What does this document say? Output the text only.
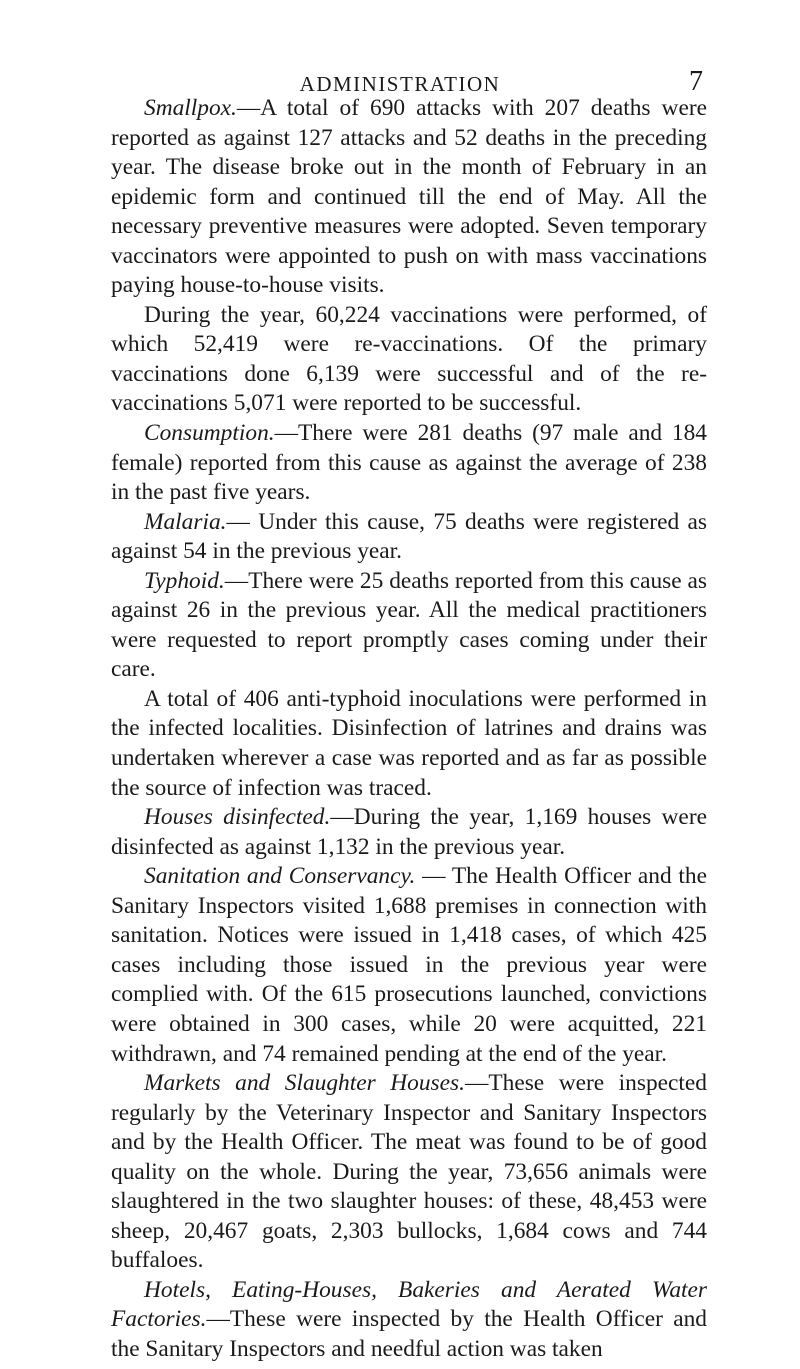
ADMINISTRATION	7

Smallpox.—A total of 690 attacks with 207 deaths were reported as against 127 attacks and 52 deaths in the preceding year. The disease broke out in the month of February in an epidemic form and continued till the end of May. All the necessary preventive measures were adopted. Seven temporary vaccinators were appointed to push on with mass vaccinations paying house-to-house visits.

During the year, 60,224 vaccinations were performed, of which 52,419 were re-vaccinations. Of the primary vaccinations done 6,139 were successful and of the re-vaccinations 5,071 were reported to be successful.

Consumption.—There were 281 deaths (97 male and 184 female) reported from this cause as against the average of 238 in the past five years.

Malaria.— Under this cause, 75 deaths were registered as against 54 in the previous year.

Typhoid.—There were 25 deaths reported from this cause as against 26 in the previous year. All the medical practitioners were requested to report promptly cases coming under their care.

A total of 406 anti-typhoid inoculations were performed in the infected localities. Disinfection of latrines and drains was undertaken wherever a case was reported and as far as possible the source of infection was traced.

Houses disinfected.—During the year, 1,169 houses were disinfected as against 1,132 in the previous year.

Sanitation and Conservancy. — The Health Officer and the Sanitary Inspectors visited 1,688 premises in connection with sanitation. Notices were issued in 1,418 cases, of which 425 cases including those issued in the previous year were complied with. Of the 615 prosecutions launched, convictions were obtained in 300 cases, while 20 were acquitted, 221 withdrawn, and 74 remained pending at the end of the year.

Markets and Slaughter Houses.—These were inspected regularly by the Veterinary Inspector and Sanitary Inspectors and by the Health Officer. The meat was found to be of good quality on the whole. During the year, 73,656 animals were slaughtered in the two slaughter houses: of these, 48,453 were sheep, 20,467 goats, 2,303 bullocks, 1,684 cows and 744 buffaloes.

Hotels, Eating-Houses, Bakeries and Aerated Water Factories.—These were inspected by the Health Officer and the Sanitary Inspectors and needful action was taken
